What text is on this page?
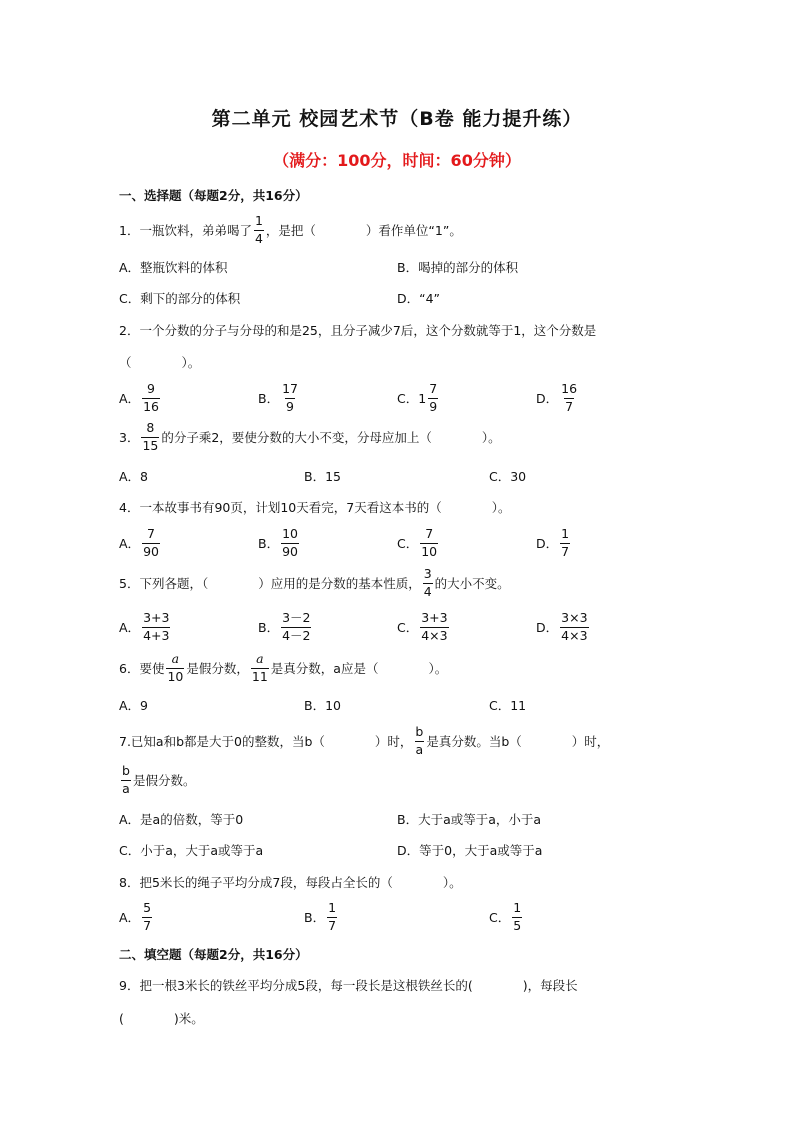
第二单元 校园艺术节（B卷 能力提升练）
（满分：100分，时间：60分钟）
一、选择题（每题2分，共16分）
1．一瓶饮料，弟弟喝了 $\frac{1}{4}$ ，是把（　　　　）看作单位“1”。
A．整瓶饮料的体积	B．喝掉的部分的体积
C．剩下的部分的体积	D．“4”
2．一个分数的分子与分母的和是25，且分子减少7后，这个分数就等于1，这个分数是
（　　　　）。
A． $\frac{9}{16}$	B． $\frac{17}{9}$	C． $1 \frac{7}{9}$	D． $\frac{16}{7}$
3． $\frac{8}{15}$ 的分子乘2，要使分数的大小不变，分母应加上（　　　　）。
A．8	B．15	C．30
4．一本故事书有90页，计划10天看完，7天看这本书的（　　　　）。
A． $\frac{7}{90}$	B． $\frac{10}{90}$	C． $\frac{7}{10}$	D． $\frac{1}{7}$
5．下列各题，（　　　　）应用的是分数的基本性质， $\frac{3}{4}$ 的大小不变。
A． $\frac{3+3}{4+3}$	B． $\frac{3-2}{4-2}$	C． $\frac{3+3}{4\times 3}$	D． $\frac{3\times 3}{4\times 3}$
6．要使 $\frac{a}{10}$ 是假分数， $\frac{a}{11}$ 是真分数，a应是（　　　　）。
A．9	B．10	C．11
7.已知a和b都是大于0的整数，当b（　　　　）时， $\frac{b}{a}$ 是真分数。当b（　　　　）时，
$\frac{b}{a}$ 是假分数。
A．是a的倍数，等于0	B．大于a或等于a，小于a
C．小于a，大于a或等于a	D．等于0，大于a或等于a
8．把5米长的绳子平均分成7段，每段占全长的（　　　　）。
A． $\frac{5}{7}$	B． $\frac{1}{7}$	C． $\frac{1}{5}$
二、填空题（每题2分，共16分）
9．把一根3米长的铁丝平均分成5段，每一段长是这根铁丝长的(　　　　)，每段长
(　　　　)米。
